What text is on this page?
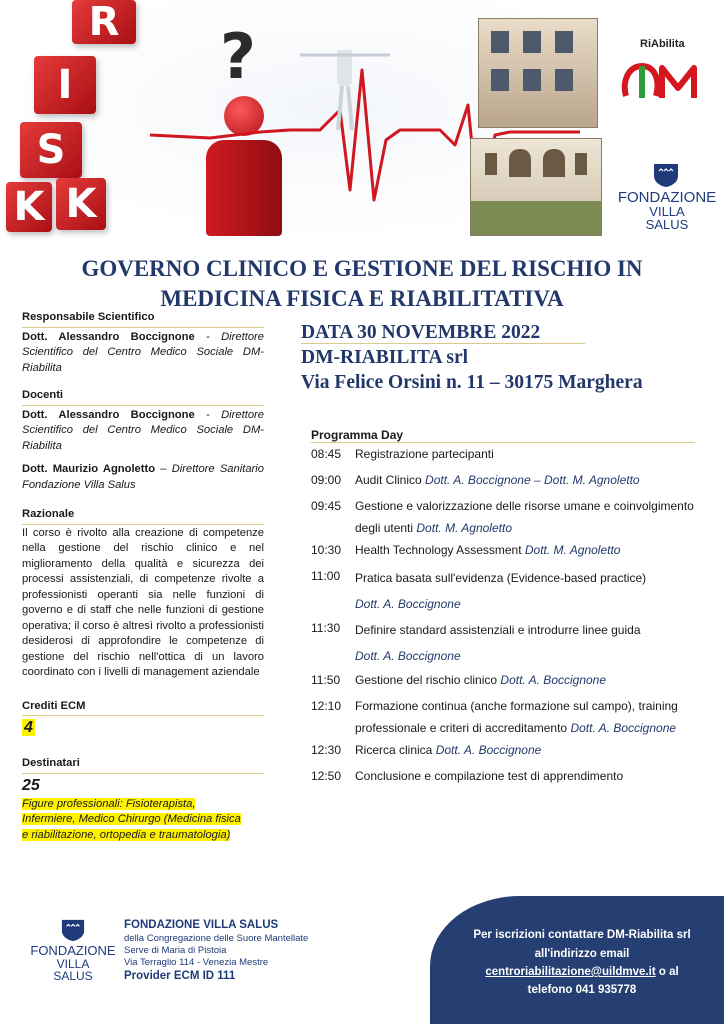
R
I
S
K K
?	RiAbilita
FONDAZIONE
VILLA
SALUS
GOVERNO CLINICO E GESTIONE DEL RISCHIO IN
MEDICINA FISICA E RIABILITATIVA
DATA 30 NOVEMBRE 2022
DM-RIABILITA srl
Via Felice Orsini n. 11 – 30175 Marghera
Responsabile Scientifico
Dott. Alessandro Boccignone - Direttore Scientifico del Centro Medico Sociale DM-Riabilita
Docenti
Dott. Alessandro Boccignone - Direttore Scientifico del Centro Medico Sociale DM-Riabilita
Dott. Maurizio Agnoletto – Direttore Sanitario Fondazione Villa Salus
Razionale
Il corso è rivolto alla creazione di competenze nella gestione del rischio clinico e nel miglioramento della qualità e sicurezza dei processi assistenziali, di competenze rivolte a professionisti operanti sia nelle funzioni di governo e di staff che nelle funzioni di gestione operativa; il corso è altresì rivolto a professionisti desiderosi di approfondire le competenze di gestione del rischio nell'ottica di un lavoro coordinato con i livelli di management aziendale
Crediti ECM
4
Destinatari
25
Figure professionali: Fisioterapista, Infermiere, Medico Chirurgo (Medicina fisica e riabilitazione, ortopedia e traumatologia)
Programma Day
08:45	Registrazione partecipanti
09:00	Audit Clinico Dott. A. Boccignone – Dott. M. Agnoletto
09:45	Gestione e valorizzazione delle risorse umane e coinvolgimento degli utenti Dott. M. Agnoletto
10:30	Health Technology Assessment Dott. M. Agnoletto
11:00	Pratica basata sull'evidenza (Evidence-based practice)
Dott. A. Boccignone
11:30	Definire standard assistenziali e introdurre linee guida
Dott. A. Boccignone
11:50	Gestione del rischio clinico Dott. A. Boccignone
12:10	Formazione continua (anche formazione sul campo), training professionale e criteri di accreditamento Dott. A. Boccignone
12:30	Ricerca clinica Dott. A. Boccignone
12:50	Conclusione e compilazione test di apprendimento
FONDAZIONE
VILLA
SALUS
FONDAZIONE VILLA SALUS
della Congregazione delle Suore Mantellate
Serve di Maria di Pistoia
Via Terraglio 114 - Venezia Mestre
Provider ECM ID 111
Per iscrizioni contattare DM-Riabilita srl
all'indirizzo email
centroriabilitazione@uildmve.it o al
telefono 041 935778
